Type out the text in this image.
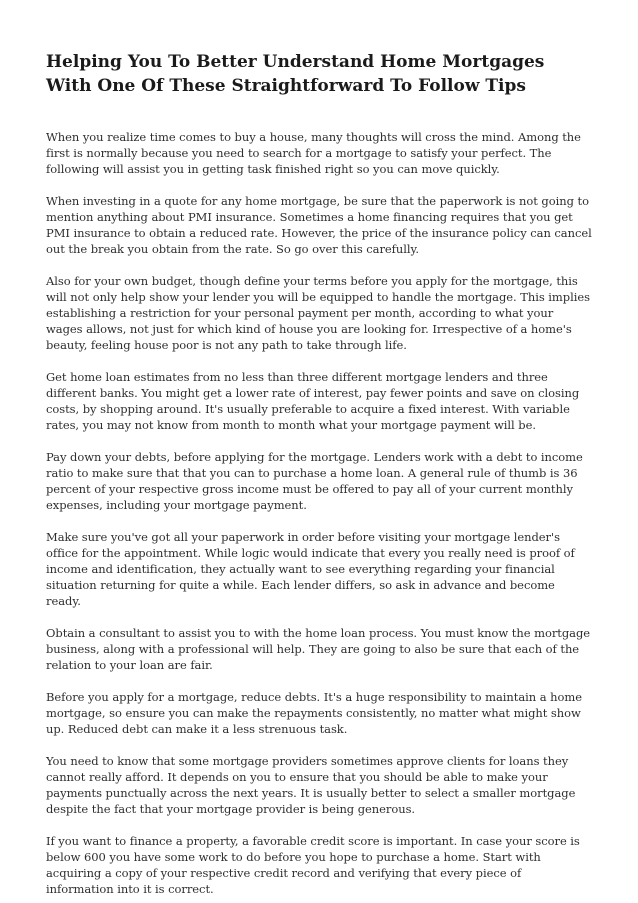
Helping You To Better Understand Home Mortgages With One Of These Straightforward To Follow Tips

When you realize time comes to buy a house, many thoughts will cross the mind. Among the first is normally because you need to search for a mortgage to satisfy your perfect. The following will assist you in getting task finished right so you can move quickly.

When investing in a quote for any home mortgage, be sure that the paperwork is not going to mention anything about PMI insurance. Sometimes a home financing requires that you get PMI insurance to obtain a reduced rate. However, the price of the insurance policy can cancel out the break you obtain from the rate. So go over this carefully.

Also for your own budget, though define your terms before you apply for the mortgage, this will not only help show your lender you will be equipped to handle the mortgage. This implies establishing a restriction for your personal payment per month, according to what your wages allows, not just for which kind of house you are looking for. Irrespective of a home's beauty, feeling house poor is not any path to take through life.

Get home loan estimates from no less than three different mortgage lenders and three different banks. You might get a lower rate of interest, pay fewer points and save on closing costs, by shopping around. It's usually preferable to acquire a fixed interest. With variable rates, you may not know from month to month what your mortgage payment will be.

Pay down your debts, before applying for the mortgage. Lenders work with a debt to income ratio to make sure that that you can to purchase a home loan. A general rule of thumb is 36 percent of your respective gross income must be offered to pay all of your current monthly expenses, including your mortgage payment.

Make sure you've got all your paperwork in order before visiting your mortgage lender's office for the appointment. While logic would indicate that every you really need is proof of income and identification, they actually want to see everything regarding your financial situation returning for quite a while. Each lender differs, so ask in advance and become ready.

Obtain a consultant to assist you to with the home loan process. You must know the mortgage business, along with a professional will help. They are going to also be sure that each of the relation to your loan are fair.

Before you apply for a mortgage, reduce debts. It's a huge responsibility to maintain a home mortgage, so ensure you can make the repayments consistently, no matter what might show up. Reduced debt can make it a less strenuous task.

You need to know that some mortgage providers sometimes approve clients for loans they cannot really afford. It depends on you to ensure that you should be able to make your payments punctually across the next years. It is usually better to select a smaller mortgage despite the fact that your mortgage provider is being generous.

If you want to finance a property, a favorable credit score is important. In case your score is below 600 you have some work to do before you hope to purchase a home. Start with acquiring a copy of your respective credit record and verifying that every piece of information into it is correct.
